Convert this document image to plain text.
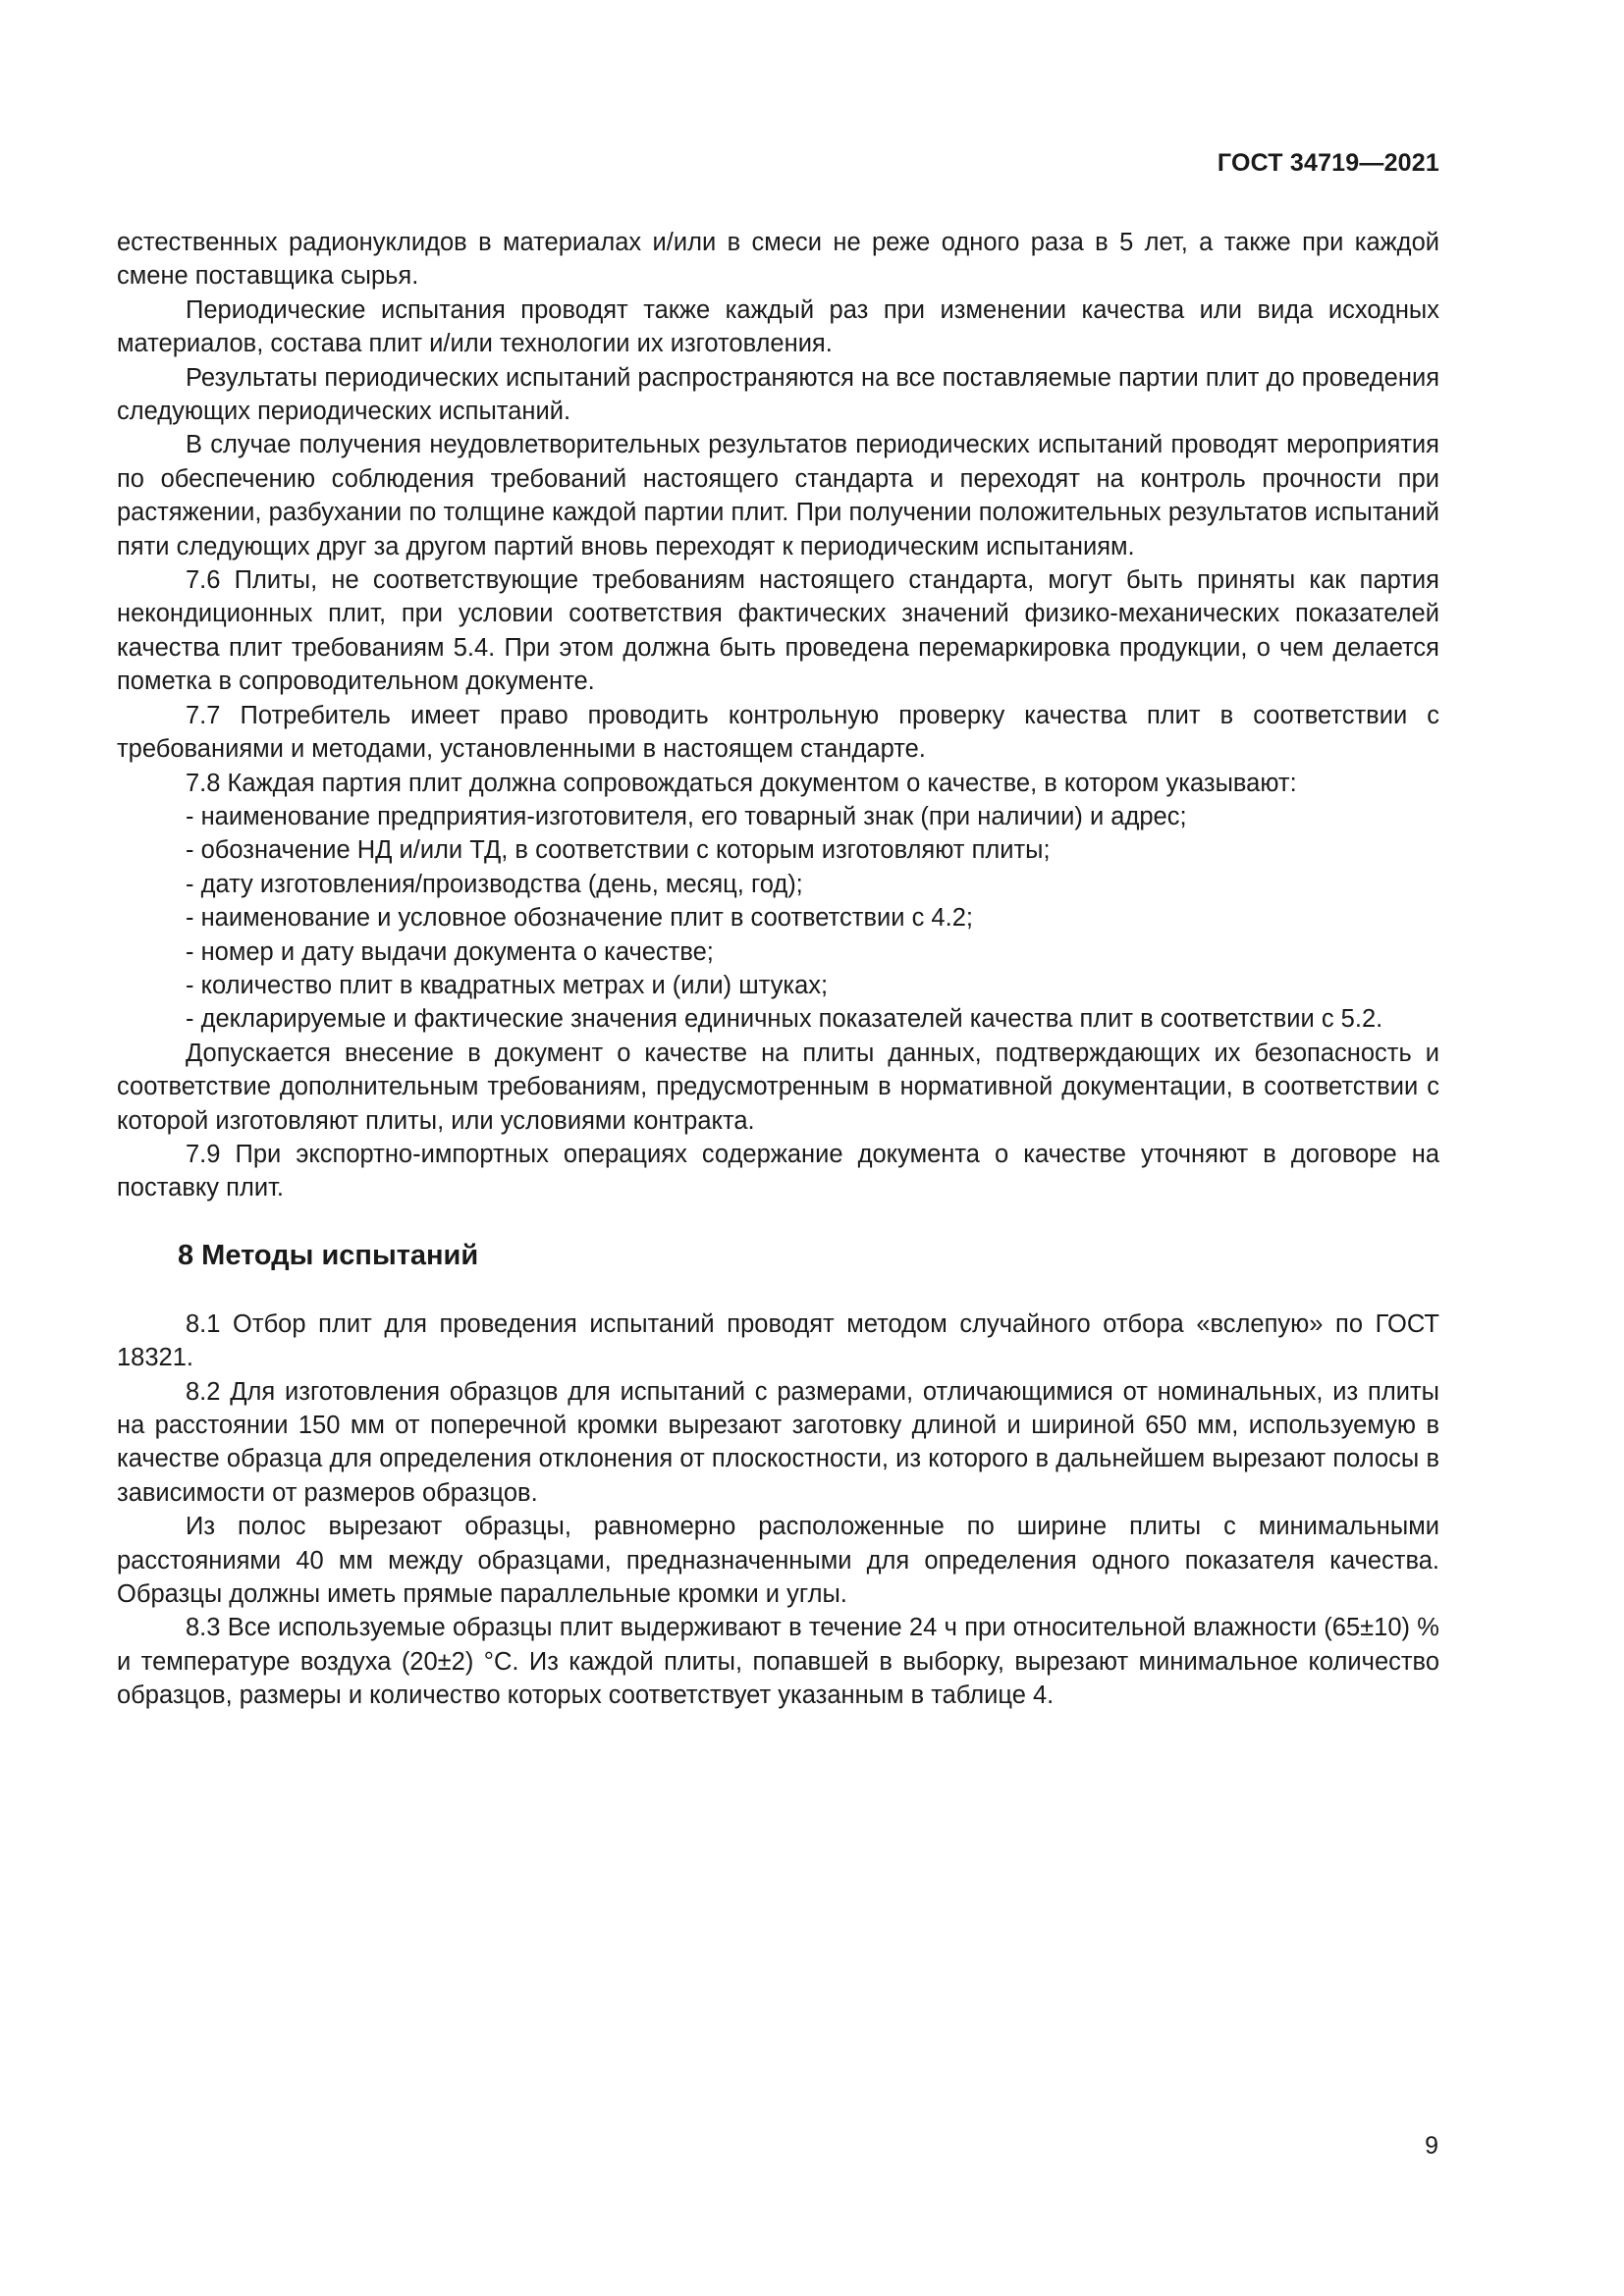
ГОСТ 34719—2021

естественных радионуклидов в материалах и/или в смеси не реже одного раза в 5 лет, а также при каждой смене поставщика сырья.

Периодические испытания проводят также каждый раз при изменении качества или вида исходных материалов, состава плит и/или технологии их изготовления.

Результаты периодических испытаний распространяются на все поставляемые партии плит до проведения следующих периодических испытаний.

В случае получения неудовлетворительных результатов периодических испытаний проводят мероприятия по обеспечению соблюдения требований настоящего стандарта и переходят на контроль прочности при растяжении, разбухании по толщине каждой партии плит. При получении положительных результатов испытаний пяти следующих друг за другом партий вновь переходят к периодическим испытаниям.

7.6 Плиты, не соответствующие требованиям настоящего стандарта, могут быть приняты как партия некондиционных плит, при условии соответствия фактических значений физико-механических показателей качества плит требованиям 5.4. При этом должна быть проведена перемаркировка продукции, о чем делается пометка в сопроводительном документе.

7.7 Потребитель имеет право проводить контрольную проверку качества плит в соответствии с требованиями и методами, установленными в настоящем стандарте.

7.8 Каждая партия плит должна сопровождаться документом о качестве, в котором указывают:

- наименование предприятия-изготовителя, его товарный знак (при наличии) и адрес;

- обозначение НД и/или ТД, в соответствии с которым изготовляют плиты;

- дату изготовления/производства (день, месяц, год);

- наименование и условное обозначение плит в соответствии с 4.2;

- номер и дату выдачи документа о качестве;

- количество плит в квадратных метрах и (или) штуках;

- декларируемые и фактические значения единичных показателей качества плит в соответствии с 5.2.

Допускается внесение в документ о качестве на плиты данных, подтверждающих их безопасность и соответствие дополнительным требованиям, предусмотренным в нормативной документации, в соответствии с которой изготовляют плиты, или условиями контракта.

7.9 При экспортно-импортных операциях содержание документа о качестве уточняют в договоре на поставку плит.

8 Методы испытаний

8.1 Отбор плит для проведения испытаний проводят методом случайного отбора «вслепую» по ГОСТ 18321.

8.2 Для изготовления образцов для испытаний с размерами, отличающимися от номинальных, из плиты на расстоянии 150 мм от поперечной кромки вырезают заготовку длиной и шириной 650 мм, используемую в качестве образца для определения отклонения от плоскостности, из которого в дальнейшем вырезают полосы в зависимости от размеров образцов.

Из полос вырезают образцы, равномерно расположенные по ширине плиты с минимальными расстояниями 40 мм между образцами, предназначенными для определения одного показателя качества. Образцы должны иметь прямые параллельные кромки и углы.

8.3 Все используемые образцы плит выдерживают в течение 24 ч при относительной влажности (65±10) % и температуре воздуха (20±2) °С. Из каждой плиты, попавшей в выборку, вырезают минимальное количество образцов, размеры и количество которых соответствует указанным в таблице 4.

9
